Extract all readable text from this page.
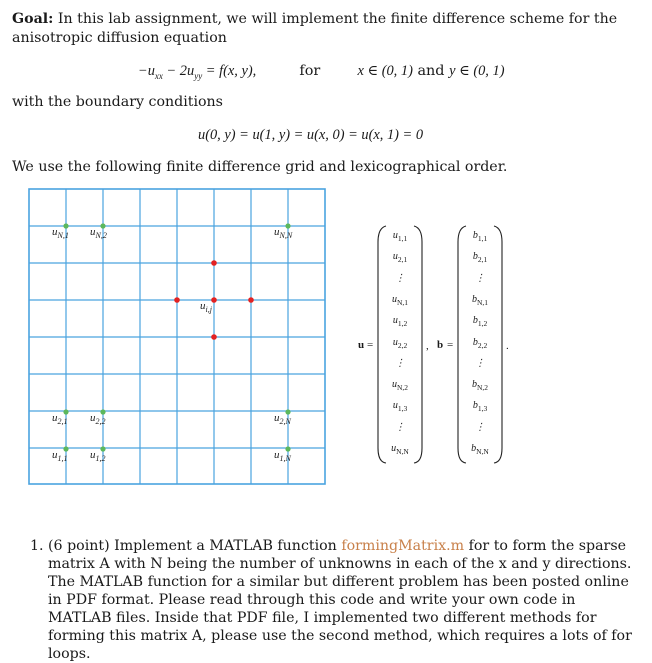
Goal: In this lab assignment, we will implement the finite difference scheme for the anisotropic diffusion equation
$-u_{xx} - 2u_{yy} = f(x$, y),	for	x ∈ (0, 1) and y ∈ (0, 1)
with the boundary conditions
u(0, y) = u(1, y) = u(x, 0) = u(x, 1) = 0
We use the following finite difference grid and lexicographical order.
$u_{N,1}$ $u_{N,2}$	$u_{N,N}$
$u_{i,j}$
$u_{2,1}$ $u_{2,2}$	$u_{2,N}$
$u_{1,1}$ $u_{1,2}$	$u_{1,N}$
u =	, b =	.
$u_{1,1}$
$u_{2,1}$
⋮
$u_{N,1}$
$u_{1,2}$
$u_{2,2}$
⋮
$u_{N,2}$
$u_{1,3}$
⋮
$u_{N,N}$
$b_{1,1}$
$b_{2,1}$
⋮
$b_{N,1}$
$b_{1,2}$
$b_{2,2}$
⋮
$b_{N,2}$
$b_{1,3}$
⋮
$b_{N,N}$
1. (6 point) Implement a MATLAB function formingMatrix.m for to form the sparse matrix A with N being the number of unknowns in each of the x and y directions. The MATLAB function for a similar but different problem has been posted online in PDF format. Please read through this code and write your own code in MATLAB files. Inside that PDF file, I implemented two different methods for forming this matrix A, please use the second method, which requires a lots of for loops.
